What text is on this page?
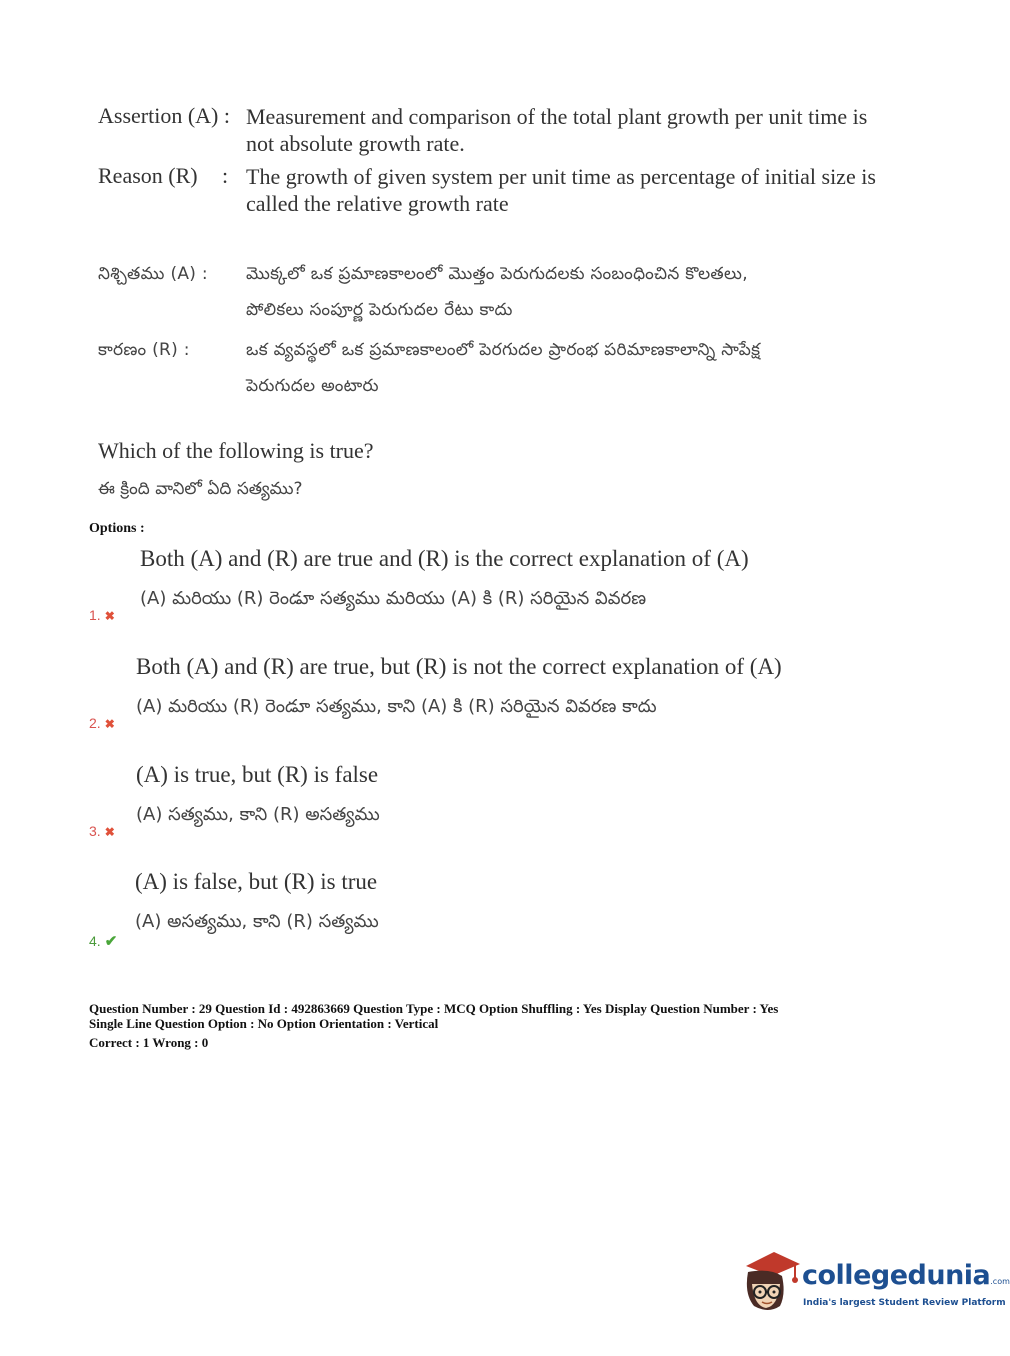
Assertion (A) : Measurement and comparison of the total plant growth per unit time is
not absolute growth rate.
Reason (R) : The growth of given system per unit time as percentage of initial size is
called the relative growth rate
నిశ్చితము (A) : మొక్కలో ఒక ప్రమాణకాలంలో మొత్తం పెరుగుదలకు సంబంధించిన కొలతలు,
పోలికలు సంపూర్ణ పెరుగుదల రేటు కాదు
కారణం (R) :	ఒక వ్యవస్థలో ఒక ప్రమాణకాలంలో పెరగుదల ప్రారంభ పరిమాణకాలాన్ని సాపేక్ష
పెరుగుదల అంటారు
Which of the following is true?
ఈ క్రింది వానిలో ఏది సత్యము?
Options :
Both (A) and (R) are true and (R) is the correct explanation of (A)
(A) మరియు (R) రెండూ సత్యము మరియు (A) కి (R) సరియైన వివరణ
1. ✖
Both (A) and (R) are true, but (R) is not the correct explanation of (A)
(A) మరియు (R) రెండూ సత్యము, కాని (A) కి (R) సరియైన వివరణ కాదు
2. ✖
(A) is true, but (R) is false
(A) సత్యము, కాని (R) అసత్యము
3. ✖
(A) is false, but (R) is true
(A) అసత్యము, కాని (R) సత్యము
4. ✔
Question Number : 29 Question Id : 492863669 Question Type : MCQ Option Shuffling : Yes Display Question Number : Yes
Single Line Question Option : No Option Orientation : Vertical
Correct : 1 Wrong : 0
collegedunia.com
India's largest Student Review Platform
